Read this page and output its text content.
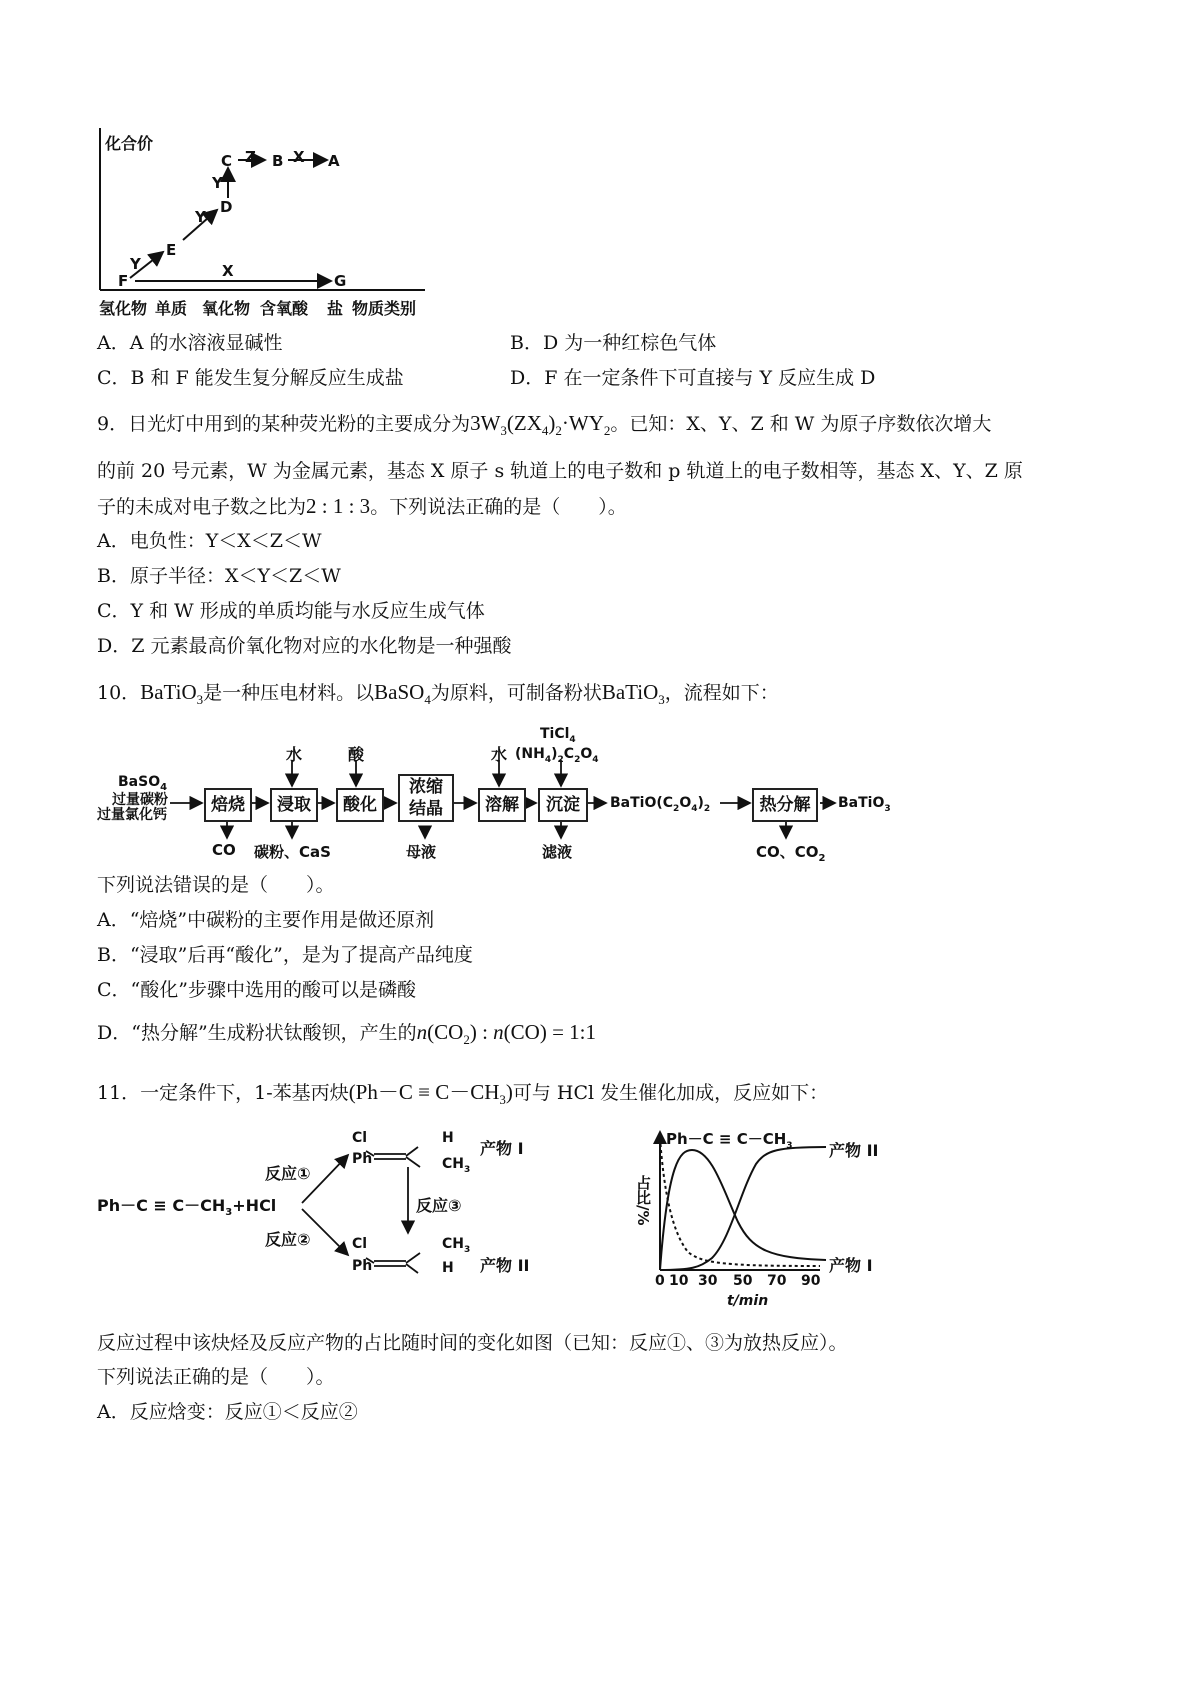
化合价
C	B	A
D
E
F	G
Z X
Y
Y
Y	X
氢化物 单质 氧化物 含氧酸 盐 物质类别
A．A 的水溶液显碱性	B．D 为一种红棕色气体
C．B 和 F 能发生复分解反应生成盐	D．F 在一定条件下可直接与 Y 反应生成 D
9．日光灯中用到的某种荧光粉的主要成分为$3W_3(ZX_4)_2\cdot WY_2$。已知：X、Y、Z 和 W 为原子序数依次增大
的前 20 号元素，W 为金属元素，基态 X 原子 s 轨道上的电子数和 p 轨道上的电子数相等，基态 X、Y、Z 原
子的未成对电子数之比为2 : 1 : 3。下列说法正确的是（　　）。
A．电负性：Y＜X＜Z＜W
B．原子半径：X＜Y＜Z＜W
C．Y 和 W 形成的单质均能与水反应生成气体
D．Z 元素最高价氧化物对应的水化物是一种强酸
10．BaTiO$_3$是一种压电材料。以BaSO$_4$为原料，可制备粉状BaTiO$_3$，流程如下：
BaSO$_4$
过量碳粉
过量氯化钙	焙烧	浸取	酸化
浓缩
结晶	溶解	沉淀	热分解
水	酸	水
TiCl$_4$
$(NH_4)_2C_2O_4$
CO 碳粉、CaS	母液	滤液	CO、$CO_2$
$BaTiO(C_2O_4)_2$	BaTiO$_3$
下列说法错误的是（　　）。
A．“焙烧”中碳粉的主要作用是做还原剂
B．“浸取”后再“酸化”，是为了提高产品纯度
C．“酸化”步骤中选用的酸可以是磷酸
D．“热分解”生成粉状钛酸钡，产生的$n(CO_2)$ : n(CO) = 1:1
11．一定条件下，1-苯基丙炔$(Ph-C \equiv C-CH_3)$可与 HCl 发生催化加成，反应如下：
$Ph-C \equiv C-CH_3+HCl$
反应①
反应②
反应③
Cl
Ph
H
$CH_3$
产物 I
Cl
Ph
$CH_3$
H 产物 II
$Ph-C \equiv C-CH_3$
占比/%
产物 II
产物 I
0 10 30 50 70 90
t/min
反应过程中该炔烃及反应产物的占比随时间的变化如图（已知：反应①、③为放热反应）。
下列说法正确的是（　　）。
A．反应焓变：反应①＜反应②
